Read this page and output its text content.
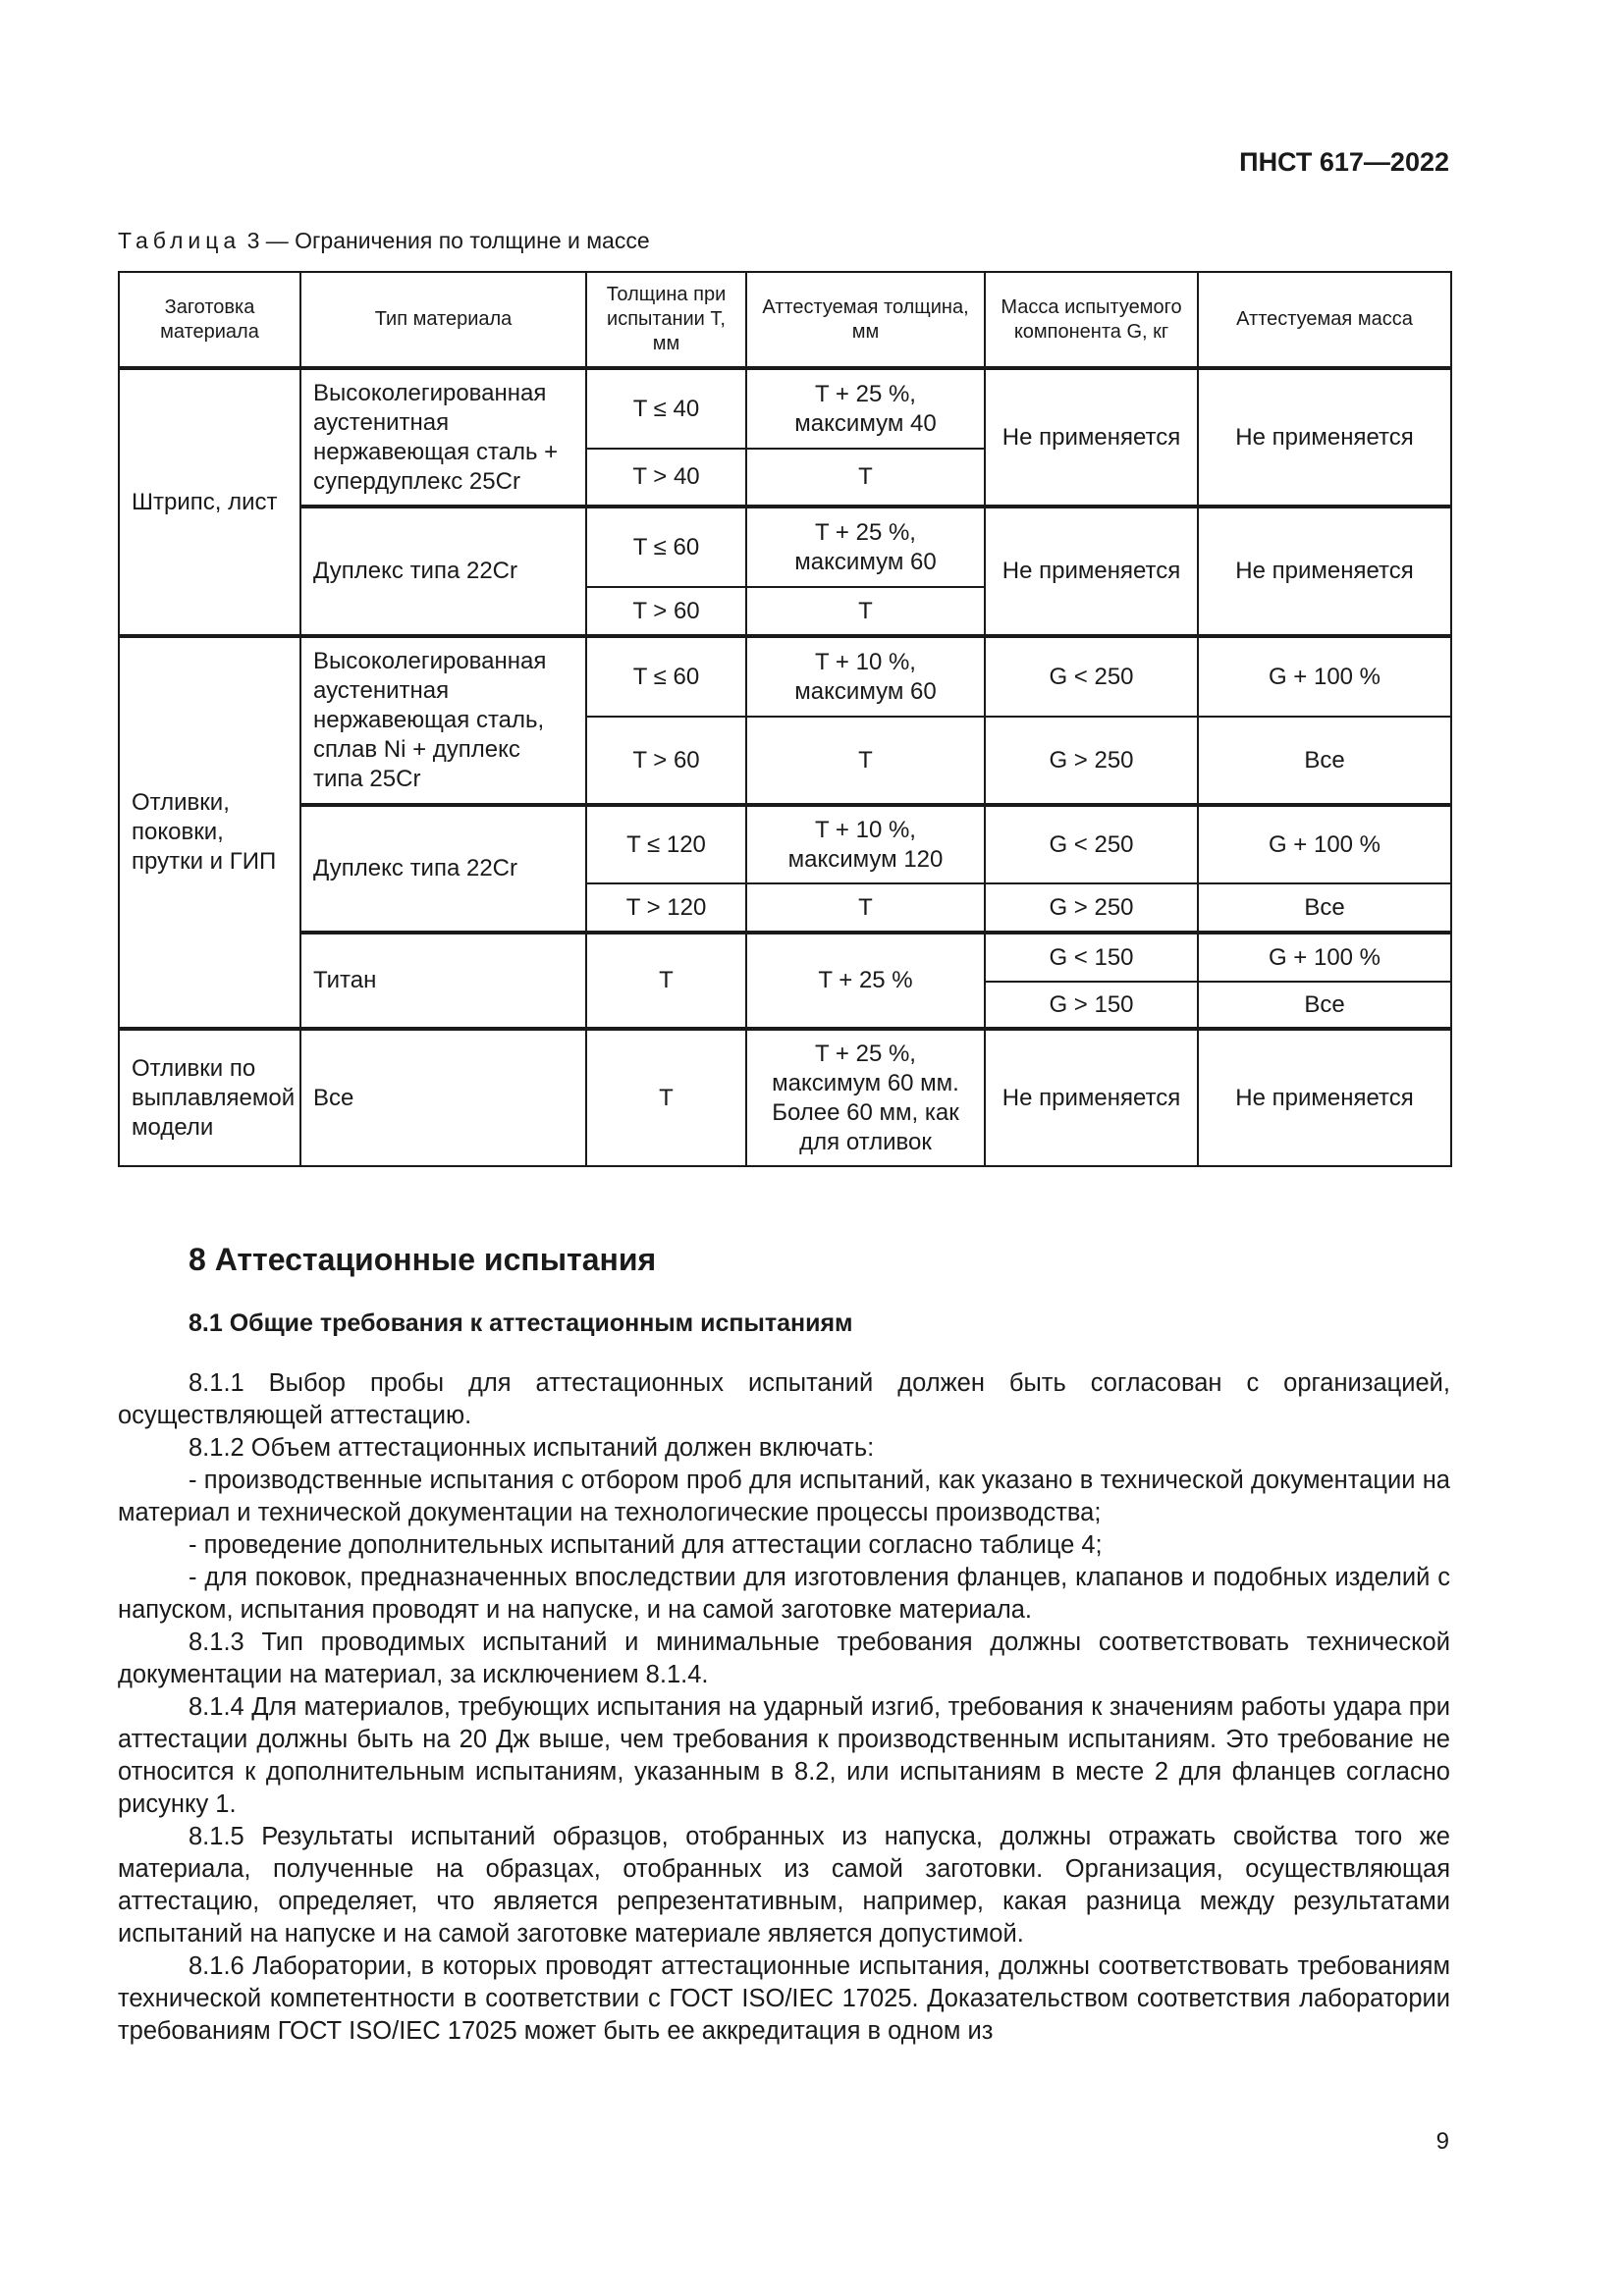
ПНСТ 617—2022
Таблица 3 — Ограничения по толщине и массе
Заготовка материала	Тип материала	Толщина при испытании T, мм	Аттестуемая толщина, мм	Масса испытуемого компонента G, кг	Аттестуемая масса
Штрипс, лист	Высоколегированная аустенитная нержавеющая сталь + супердуплекс 25Cr	T ≤ 40	T + 25 %, максимум 40	Не применяется	Не применяется
		T > 40	T		
	Дуплекс типа 22Cr	T ≤ 60	T + 25 %, максимум 60	Не применяется	Не применяется
		T > 60	T		
Отливки, поковки, прутки и ГИП	Высоколегированная аустенитная нержавеющая сталь, сплав Ni + дуплекс типа 25Cr	T ≤ 60	T + 10 %, максимум 60	G < 250	G + 100 %
		T > 60	T	G > 250	Все
	Дуплекс типа 22Cr	T ≤ 120	T + 10 %, максимум 120	G < 250	G + 100 %
		T > 120	T	G > 250	Все
	Титан	T	T + 25 %	G < 150	G + 100 %
				G > 150	Все
Отливки по выплавляемой модели	Все	T	T + 25 %, максимум 60 мм. Более 60 мм, как для отливок	Не применяется	Не применяется
8 Аттестационные испытания
8.1 Общие требования к аттестационным испытаниям

8.1.1 Выбор пробы для аттестационных испытаний должен быть согласован с организацией, осуществляющей аттестацию.

8.1.2 Объем аттестационных испытаний должен включать:

- производственные испытания с отбором проб для испытаний, как указано в технической документации на материал и технической документации на технологические процессы производства;

- проведение дополнительных испытаний для аттестации согласно таблице 4;

- для поковок, предназначенных впоследствии для изготовления фланцев, клапанов и подобных изделий с напуском, испытания проводят и на напуске, и на самой заготовке материала.

8.1.3 Тип проводимых испытаний и минимальные требования должны соответствовать технической документации на материал, за исключением 8.1.4.

8.1.4 Для материалов, требующих испытания на ударный изгиб, требования к значениям работы удара при аттестации должны быть на 20 Дж выше, чем требования к производственным испытаниям. Это требование не относится к дополнительным испытаниям, указанным в 8.2, или испытаниям в месте 2 для фланцев согласно рисунку 1.

8.1.5 Результаты испытаний образцов, отобранных из напуска, должны отражать свойства того же материала, полученные на образцах, отобранных из самой заготовки. Организация, осуществляющая аттестацию, определяет, что является репрезентативным, например, какая разница между результатами испытаний на напуске и на самой заготовке материале является допустимой.

8.1.6 Лаборатории, в которых проводят аттестационные испытания, должны соответствовать требованиям технической компетентности в соответствии с ГОСТ ISO/IEC 17025. Доказательством соответствия лаборатории требованиям ГОСТ ISO/IEC 17025 может быть ее аккредитация в одном из

9
